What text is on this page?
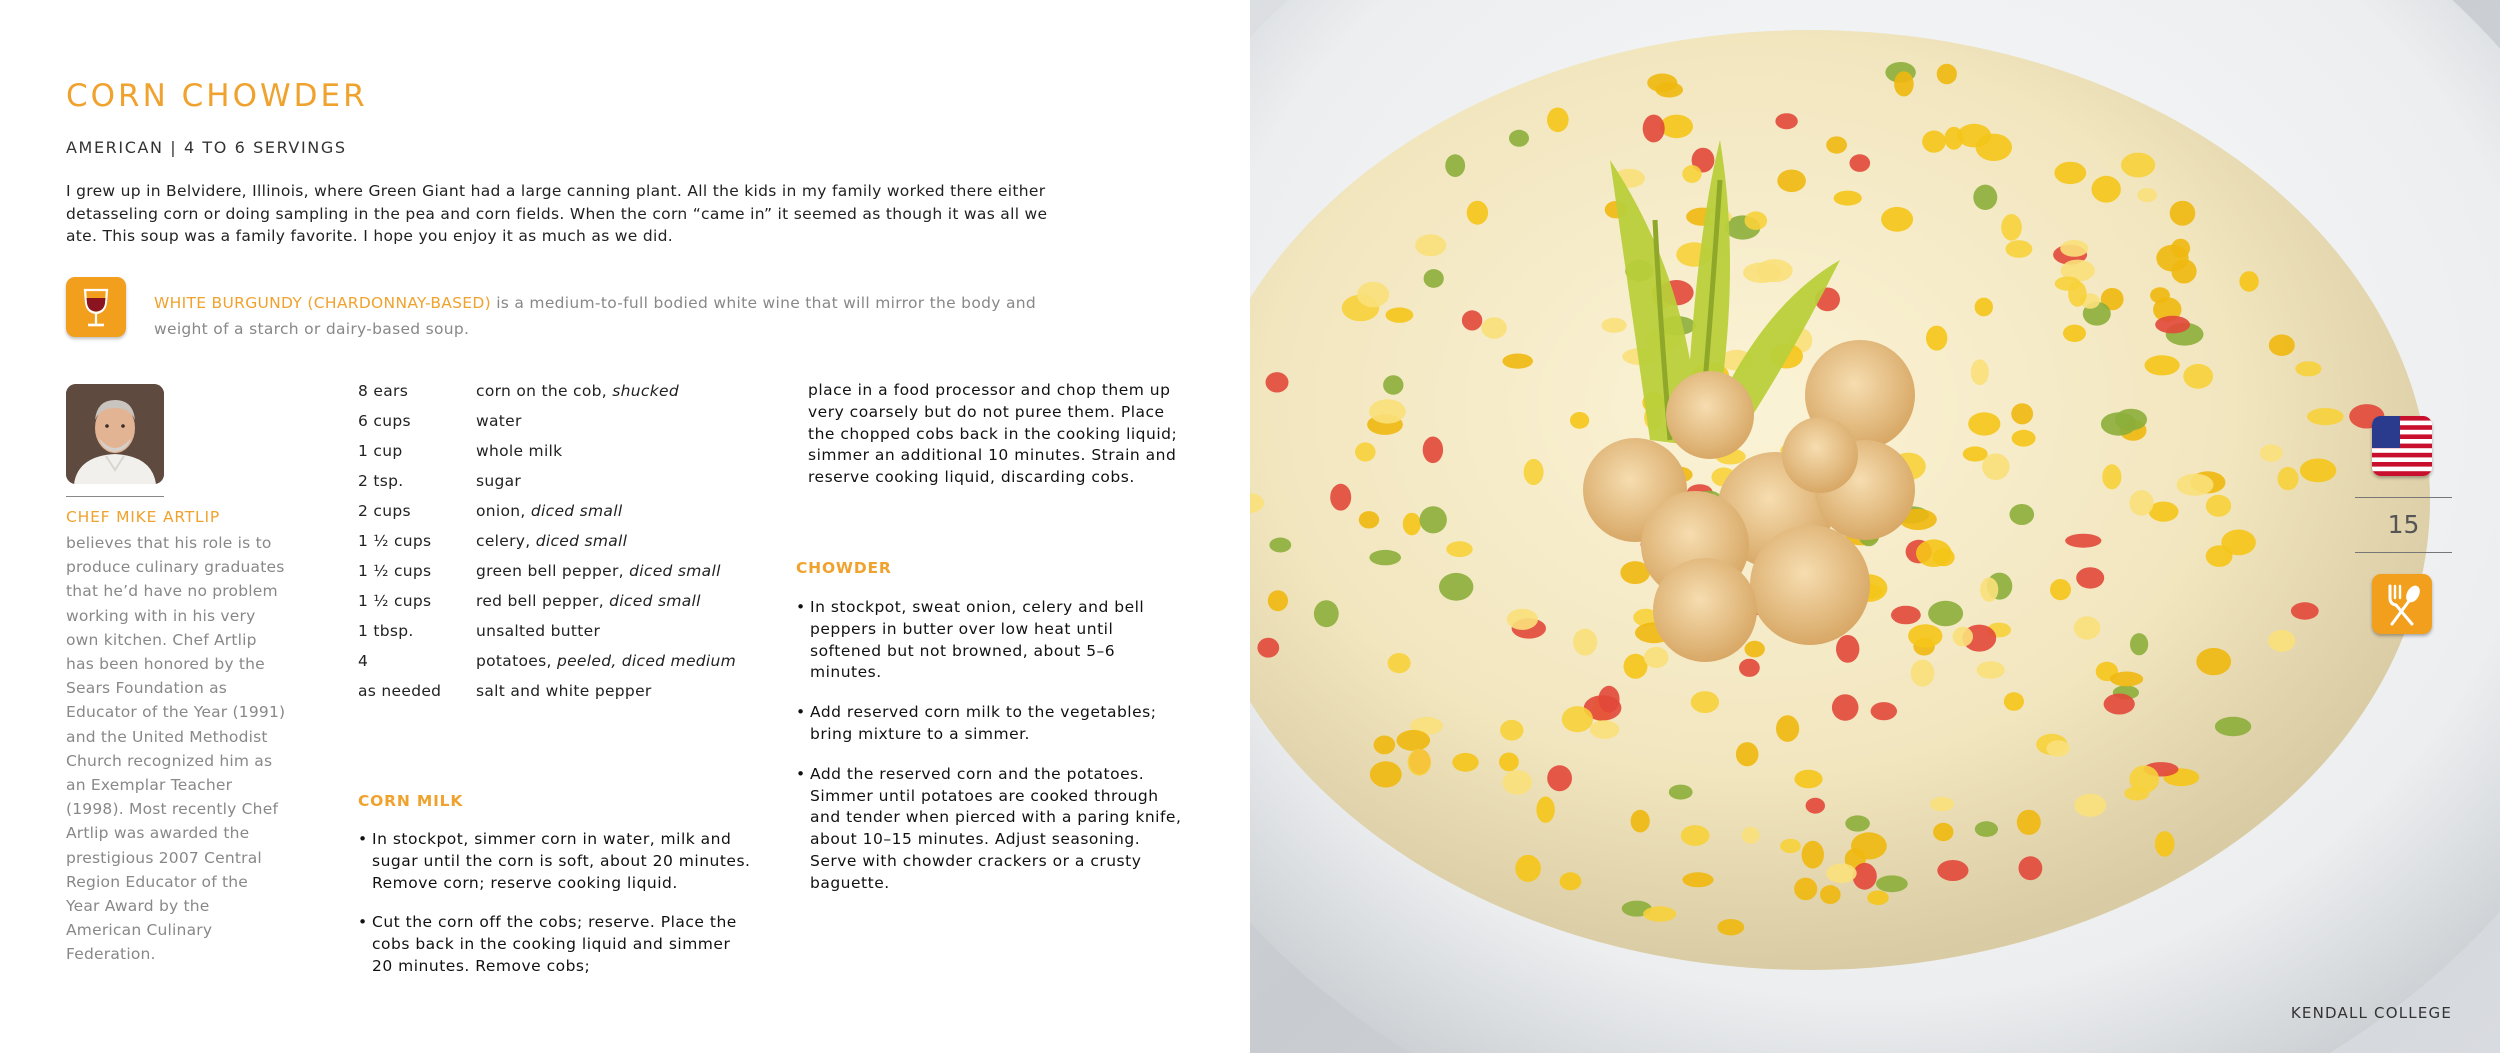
CORN CHOWDER
AMERICAN | 4 TO 6 SERVINGS
I grew up in Belvidere, Illinois, where Green Giant had a large canning plant. All the kids in my family worked there either detasseling corn or doing sampling in the pea and corn fields. When the corn “came in” it seemed as though it was all we ate. This soup was a family favorite. I hope you enjoy it as much as we did.
WHITE BURGUNDY (CHARDONNAY-BASED) is a medium-to-full bodied white wine that will mirror the body and weight of a starch or dairy-based soup.
CHEF MIKE ARTLIP
believes that his role is to produce culinary graduates that he’d have no problem working with in his very own kitchen. Chef Artlip has been honored by the Sears Foundation as Educator of the Year (1991) and the United Methodist Church recognized him as an Exemplar Teacher (1998). Most recently Chef Artlip was awarded the prestigious 2007 Central Region Educator of the Year Award by the American Culinary Federation.
8 ears	corn on the cob, shucked
6 cups	water
1 cup	whole milk
2 tsp.	sugar
2 cups	onion, diced small
1 ½ cups	celery, diced small
1 ½ cups	green bell pepper, diced small
1 ½ cups	red bell pepper, diced small
1 tbsp.	unsalted butter
4	potatoes, peeled, diced medium
as needed	salt and white pepper
CORN MILK
• In stockpot, simmer corn in water, milk and sugar until the corn is soft, about 20 minutes. Remove corn; reserve cooking liquid.
• Cut the corn off the cobs; reserve. Place the cobs back in the cooking liquid and simmer 20 minutes. Remove cobs;
place in a food processor and chop them up very coarsely but do not puree them. Place the chopped cobs back in the cooking liquid; simmer an additional 10 minutes. Strain and reserve cooking liquid, discarding cobs.
CHOWDER
• In stockpot, sweat onion, celery and bell peppers in butter over low heat until softened but not browned, about 5–6 minutes.
• Add reserved corn milk to the vegetables; bring mixture to a simmer.
• Add the reserved corn and the potatoes. Simmer until potatoes are cooked through and tender when pierced with a paring knife, about 10–15 minutes. Adjust seasoning. Serve with chowder crackers or a crusty baguette.
15
KENDALL COLLEGE
